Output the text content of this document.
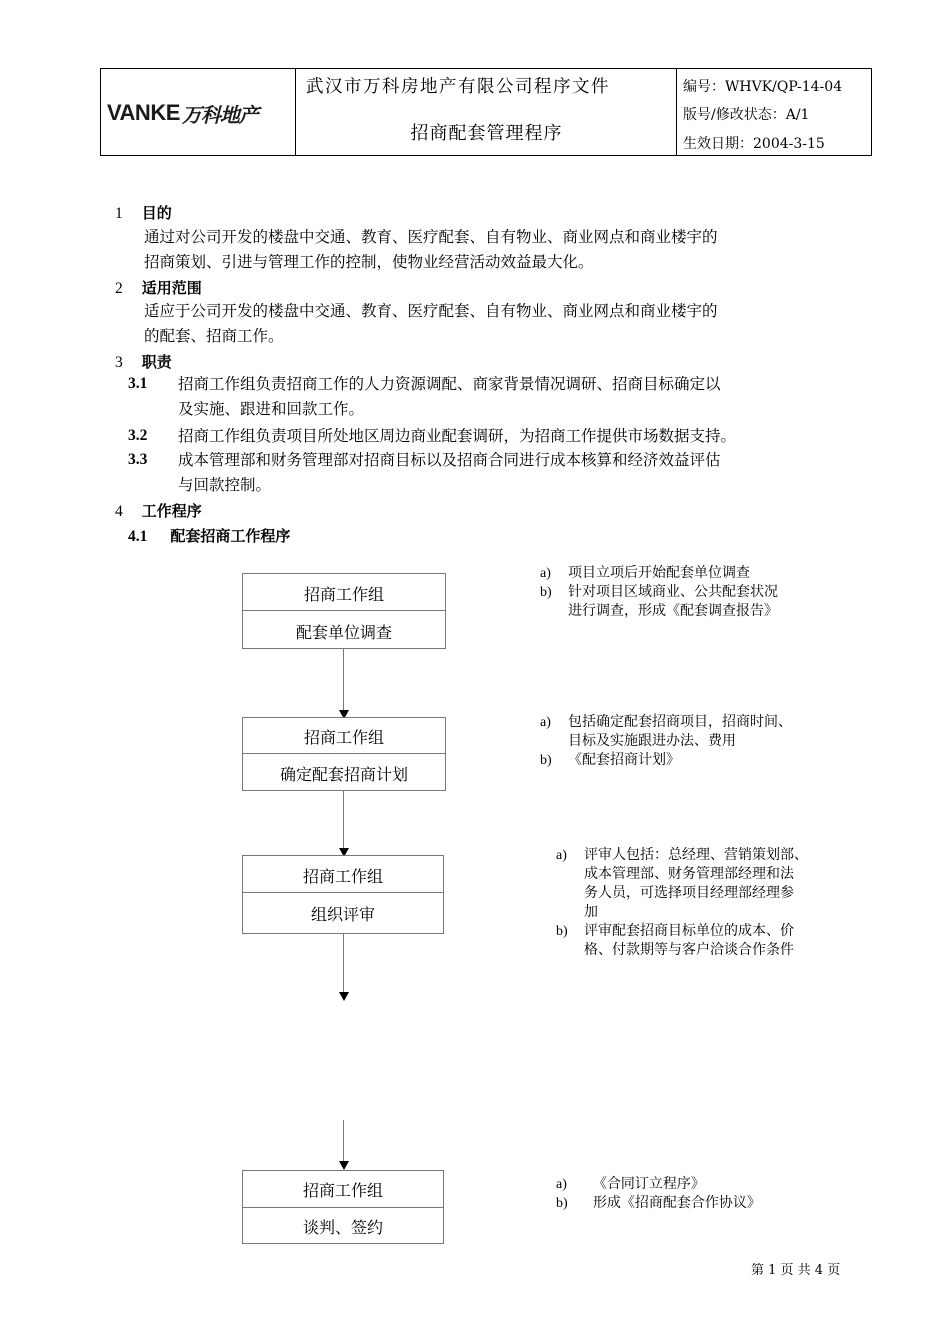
VANKE 万科地产
武汉市万科房地产有限公司程序文件
招商配套管理程序
编号：WHVK/QP-14-04
版号/修改状态：A/1
生效日期：2004-3-15
1 目的
通过对公司开发的楼盘中交通、教育、医疗配套、自有物业、商业网点和商业楼宇的
招商策划、引进与管理工作的控制，使物业经营活动效益最大化。
2 适用范围
适应于公司开发的楼盘中交通、教育、医疗配套、自有物业、商业网点和商业楼宇的
的配套、招商工作。
3 职责
3.1 招商工作组负责招商工作的人力资源调配、商家背景情况调研、招商目标确定以
及实施、跟进和回款工作。
3.2 招商工作组负责项目所处地区周边商业配套调研，为招商工作提供市场数据支持。
3.3 成本管理部和财务管理部对招商目标以及招商合同进行成本核算和经济效益评估
与回款控制。
4 工作程序
4.1 配套招商工作程序
招商工作组
配套单位调查
招商工作组
确定配套招商计划
招商工作组
组织评审
招商工作组
谈判、签约
a) 项目立项后开始配套单位调查
b) 针对项目区域商业、公共配套状况
进行调查，形成《配套调查报告》
a) 包括确定配套招商项目，招商时间、
目标及实施跟进办法、费用
b) 《配套招商计划》
a) 评审人包括：总经理、营销策划部、
成本管理部、财务管理部经理和法
务人员，可选择项目经理部经理参
加
b) 评审配套招商目标单位的成本、价
格、付款期等与客户洽谈合作条件
a)  《合同订立程序》
b)  形成《招商配套合作协议》
第 1 页 共 4 页
